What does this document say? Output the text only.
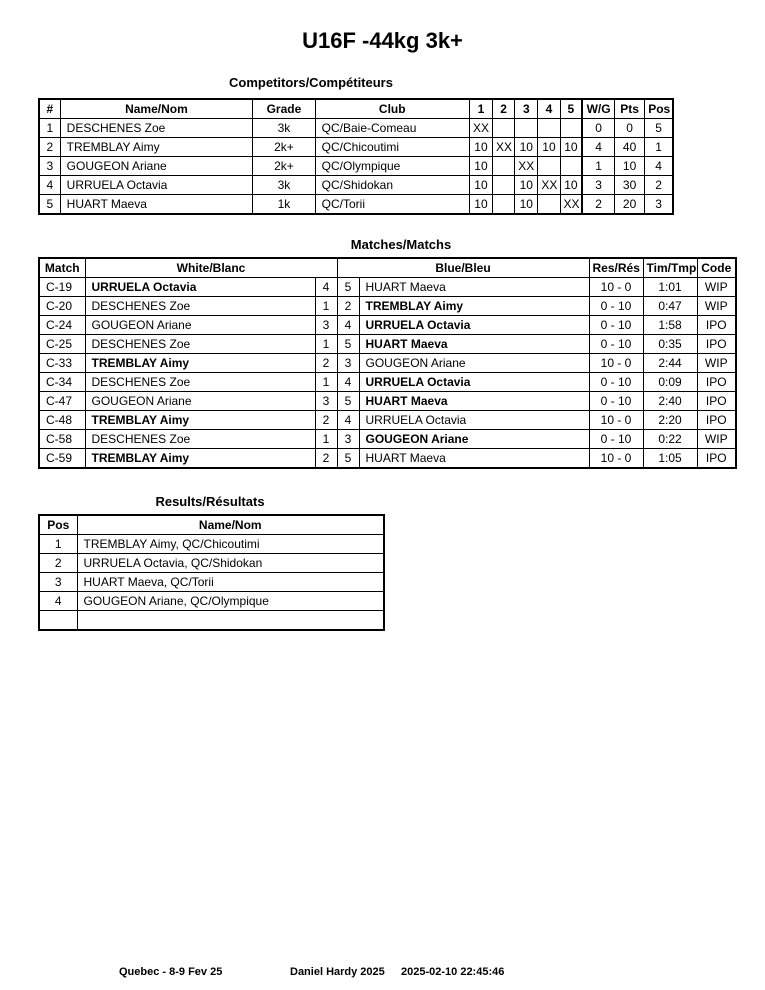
U16F -44kg 3k+
Competitors/Compétiteurs
#	Name/Nom	Grade	Club	1	2	3	4	5	W/G	Pts	Pos
1	DESCHENES Zoe	3k	QC/Baie-Comeau	XX					0	0	5
2	TREMBLAY Aimy	2k+	QC/Chicoutimi	10	XX	10	10	10	4	40	1
3	GOUGEON Ariane	2k+	QC/Olympique	10		XX			1	10	4
4	URRUELA Octavia	3k	QC/Shidokan	10		10	XX	10	3	30	2
5	HUART Maeva	1k	QC/Torii	10		10		XX	2	20	3
Matches/Matchs
Match	White/Blanc		Blue/Bleu		Res/Rés	Tim/Tmp	Code
C-19	URRUELA Octavia	4	5	HUART Maeva	10 - 0	1:01	WIP
C-20	DESCHENES Zoe	1	2	TREMBLAY Aimy	0 - 10	0:47	WIP
C-24	GOUGEON Ariane	3	4	URRUELA Octavia	0 - 10	1:58	IPO
C-25	DESCHENES Zoe	1	5	HUART Maeva	0 - 10	0:35	IPO
C-33	TREMBLAY Aimy	2	3	GOUGEON Ariane	10 - 0	2:44	WIP
C-34	DESCHENES Zoe	1	4	URRUELA Octavia	0 - 10	0:09	IPO
C-47	GOUGEON Ariane	3	5	HUART Maeva	0 - 10	2:40	IPO
C-48	TREMBLAY Aimy	2	4	URRUELA Octavia	10 - 0	2:20	IPO
C-58	DESCHENES Zoe	1	3	GOUGEON Ariane	0 - 10	0:22	WIP
C-59	TREMBLAY Aimy	2	5	HUART Maeva	10 - 0	1:05	IPO
Results/Résultats
Pos	Name/Nom
1	TREMBLAY Aimy, QC/Chicoutimi
2	URRUELA Octavia, QC/Shidokan
3	HUART Maeva, QC/Torii
4	GOUGEON Ariane, QC/Olympique

Quebec - 8-9 Fev 25	Daniel Hardy 2025 2025-02-10 22:45:46
